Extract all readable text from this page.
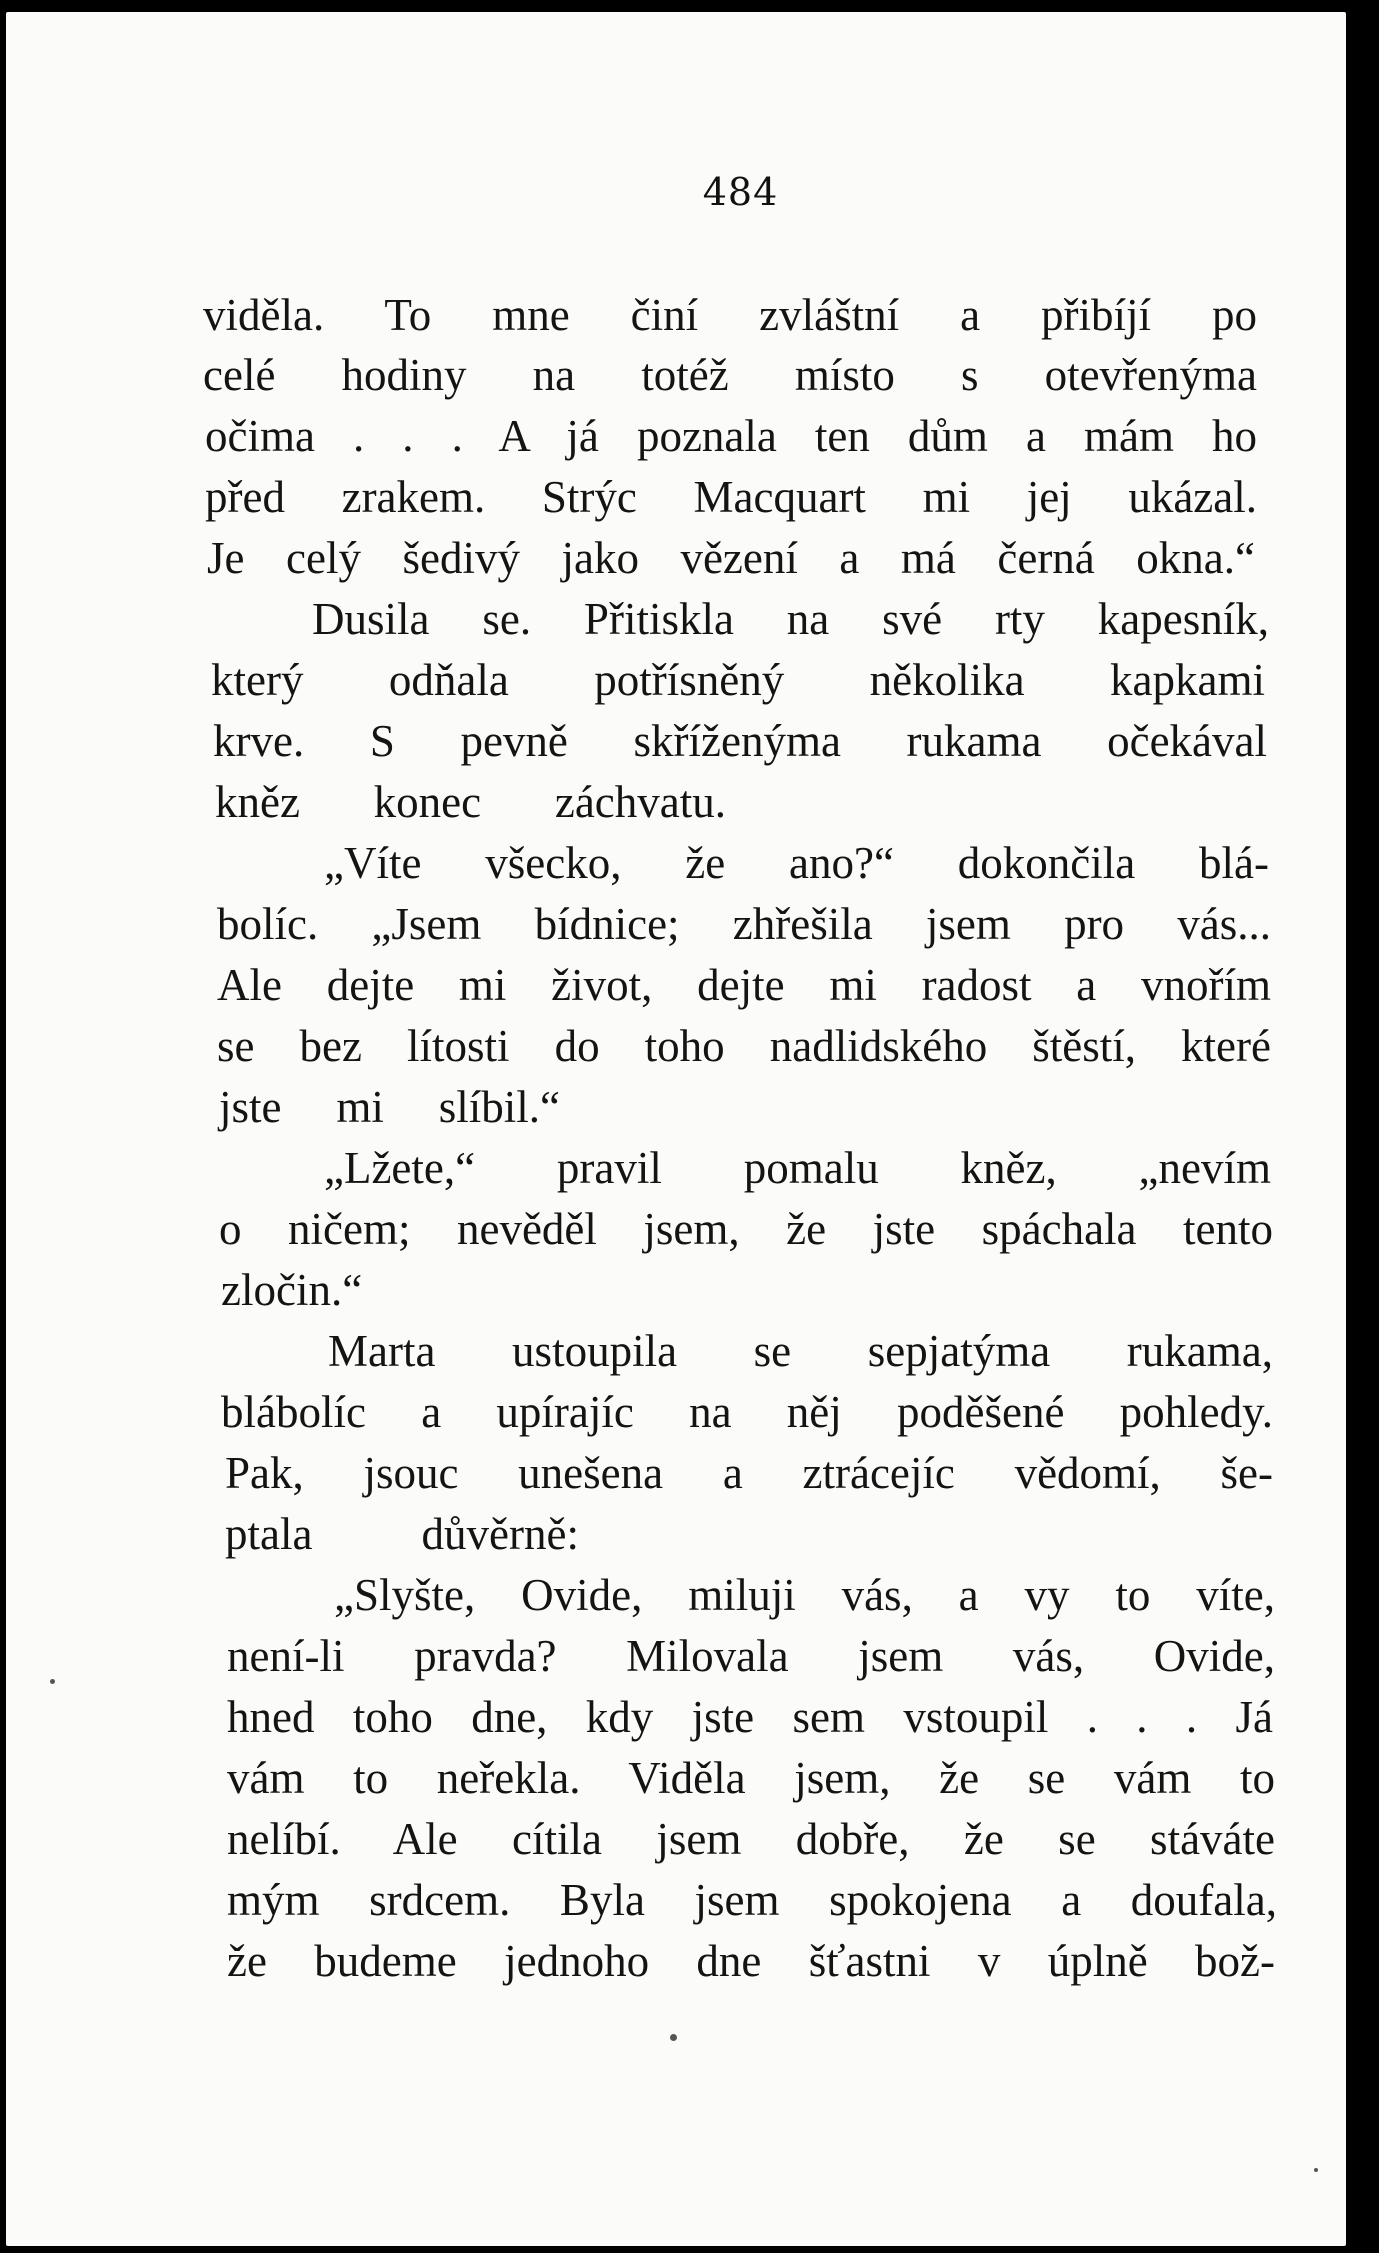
484
viděla. To mne činí zvláštní a přibíjí po
celé hodiny na totéž místo s otevřenýma
očima . . . A já poznala ten dům a mám ho
před zrakem. Strýc Macquart mi jej ukázal.
Je celý šedivý jako vězení a má černá okna.“
Dusila se. Přitiskla na své rty kapesník,
který odňala potřísněný několika kapkami
krve. S pevně skříženýma rukama očekával
kněz konec záchvatu.
„Víte všecko, že ano?“ dokončila blá-
bolíc. „Jsem bídnice; zhřešila jsem pro vás...
Ale dejte mi život, dejte mi radost a vnořím
se bez lítosti do toho nadlidského štěstí, které
jste mi slíbil.“
„Lžete,“ pravil pomalu kněz, „nevím
o ničem; nevěděl jsem, že jste spáchala tento
zločin.“
Marta ustoupila se sepjatýma rukama,
blábolíc a upírajíc na něj poděšené pohledy.
Pak, jsouc unešena a ztrácejíc vědomí, še-
ptala důvěrně:
„Slyšte, Ovide, miluji vás, a vy to víte,
není-li pravda? Milovala jsem vás, Ovide,
hned toho dne, kdy jste sem vstoupil . . . Já
vám to neřekla. Viděla jsem, že se vám to
nelíbí. Ale cítila jsem dobře, že se stáváte
mým srdcem. Byla jsem spokojena a doufala,
že budeme jednoho dne šťastni v úplně bož-
